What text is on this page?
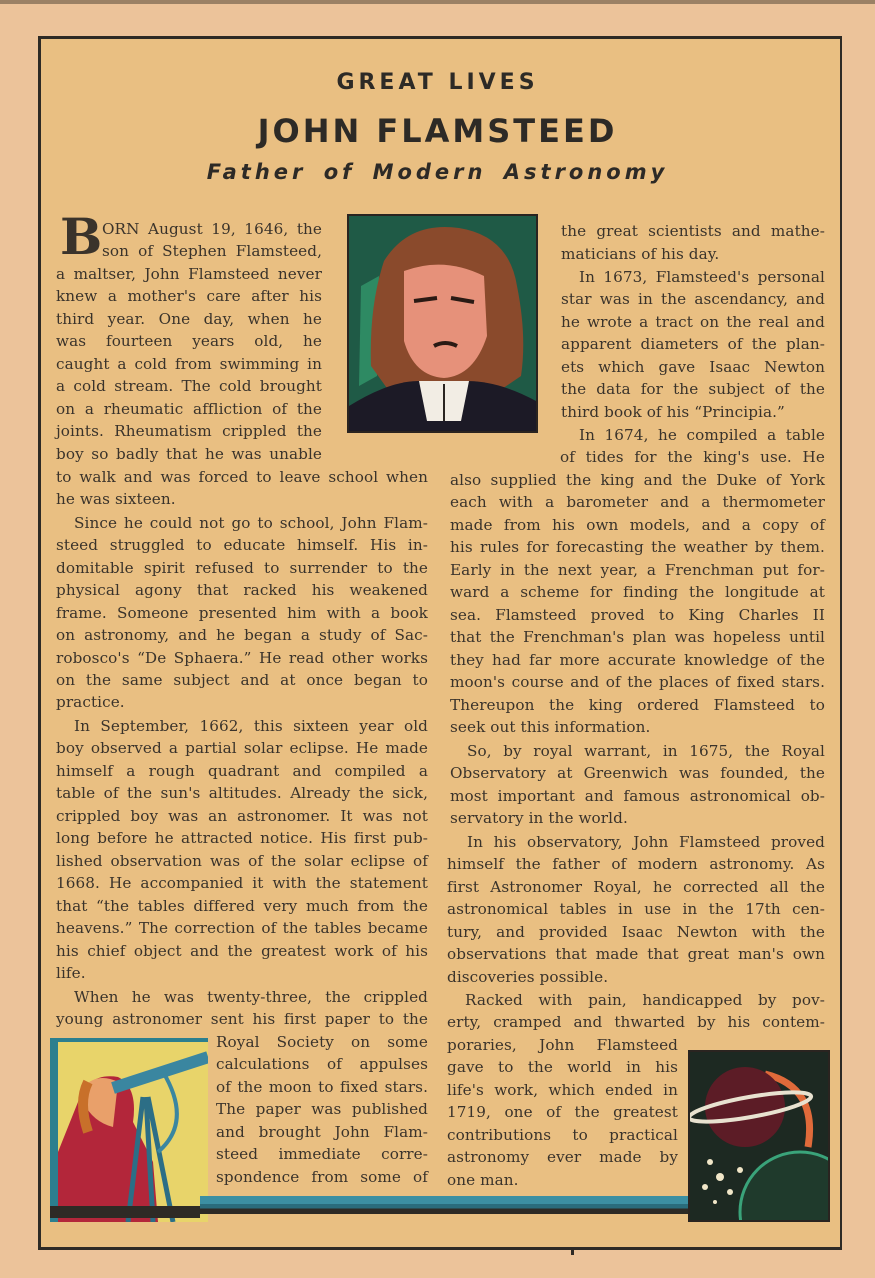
GREAT LIVES
JOHN FLAMSTEED
Father of Modern Astronomy
B ORN August 19, 1646, the
son of Stephen Flamsteed,
a maltser, John Flamsteed never
knew a mother's care after his
third year. One day, when he
was fourteen years old, he
caught a cold from swimming in
a cold stream. The cold brought
on a rheumatic affliction of the
joints. Rheumatism crippled the
boy so badly that he was unable
to walk and was forced to leave school when
he was sixteen.
Since he could not go to school, John Flam-
steed struggled to educate himself. His in-
domitable spirit refused to surrender to the
physical agony that racked his weakened
frame. Someone presented him with a book
on astronomy, and he began a study of Sac-
robosco's “De Sphaera.” He read other works
on the same subject and at once began to
practice.
In September, 1662, this sixteen year old
boy observed a partial solar eclipse. He made
himself a rough quadrant and compiled a
table of the sun's altitudes. Already the sick,
crippled boy was an astronomer. It was not
long before he attracted notice. His first pub-
lished observation was of the solar eclipse of
1668. He accompanied it with the statement
that “the tables differed very much from the
heavens.” The correction of the tables became
his chief object and the greatest work of his
life.
When he was twenty-three, the crippled
young astronomer sent his first paper to the
Royal Society on some
calculations of appulses
of the moon to fixed stars.
The paper was published
and brought John Flam-
steed immediate corre-
spondence from some of
the great scientists and mathe-
maticians of his day.
In 1673, Flamsteed's personal
star was in the ascendancy, and
he wrote a tract on the real and
apparent diameters of the plan-
ets which gave Isaac Newton
the data for the subject of the
third book of his “Principia.”
In 1674, he compiled a table
of tides for the king's use. He
also supplied the king and the Duke of York
each with a barometer and a thermometer
made from his own models, and a copy of
his rules for forecasting the weather by them.
Early in the next year, a Frenchman put for-
ward a scheme for finding the longitude at
sea. Flamsteed proved to King Charles II
that the Frenchman's plan was hopeless until
they had far more accurate knowledge of the
moon's course and of the places of fixed stars.
Thereupon the king ordered Flamsteed to
seek out this information.
So, by royal warrant, in 1675, the Royal
Observatory at Greenwich was founded, the
most important and famous astronomical ob-
servatory in the world.
In his observatory, John Flamsteed proved
himself the father of modern astronomy. As
first Astronomer Royal, he corrected all the
astronomical tables in use in the 17th cen-
tury, and provided Isaac Newton with the
observations that made that great man's own
discoveries possible.
Racked with pain, handicapped by pov-
erty, cramped and thwarted by his contem-
poraries, John Flamsteed
gave to the world in his
life's work, which ended in
1719, one of the greatest
contributions to practical
astronomy ever made by
one man.
